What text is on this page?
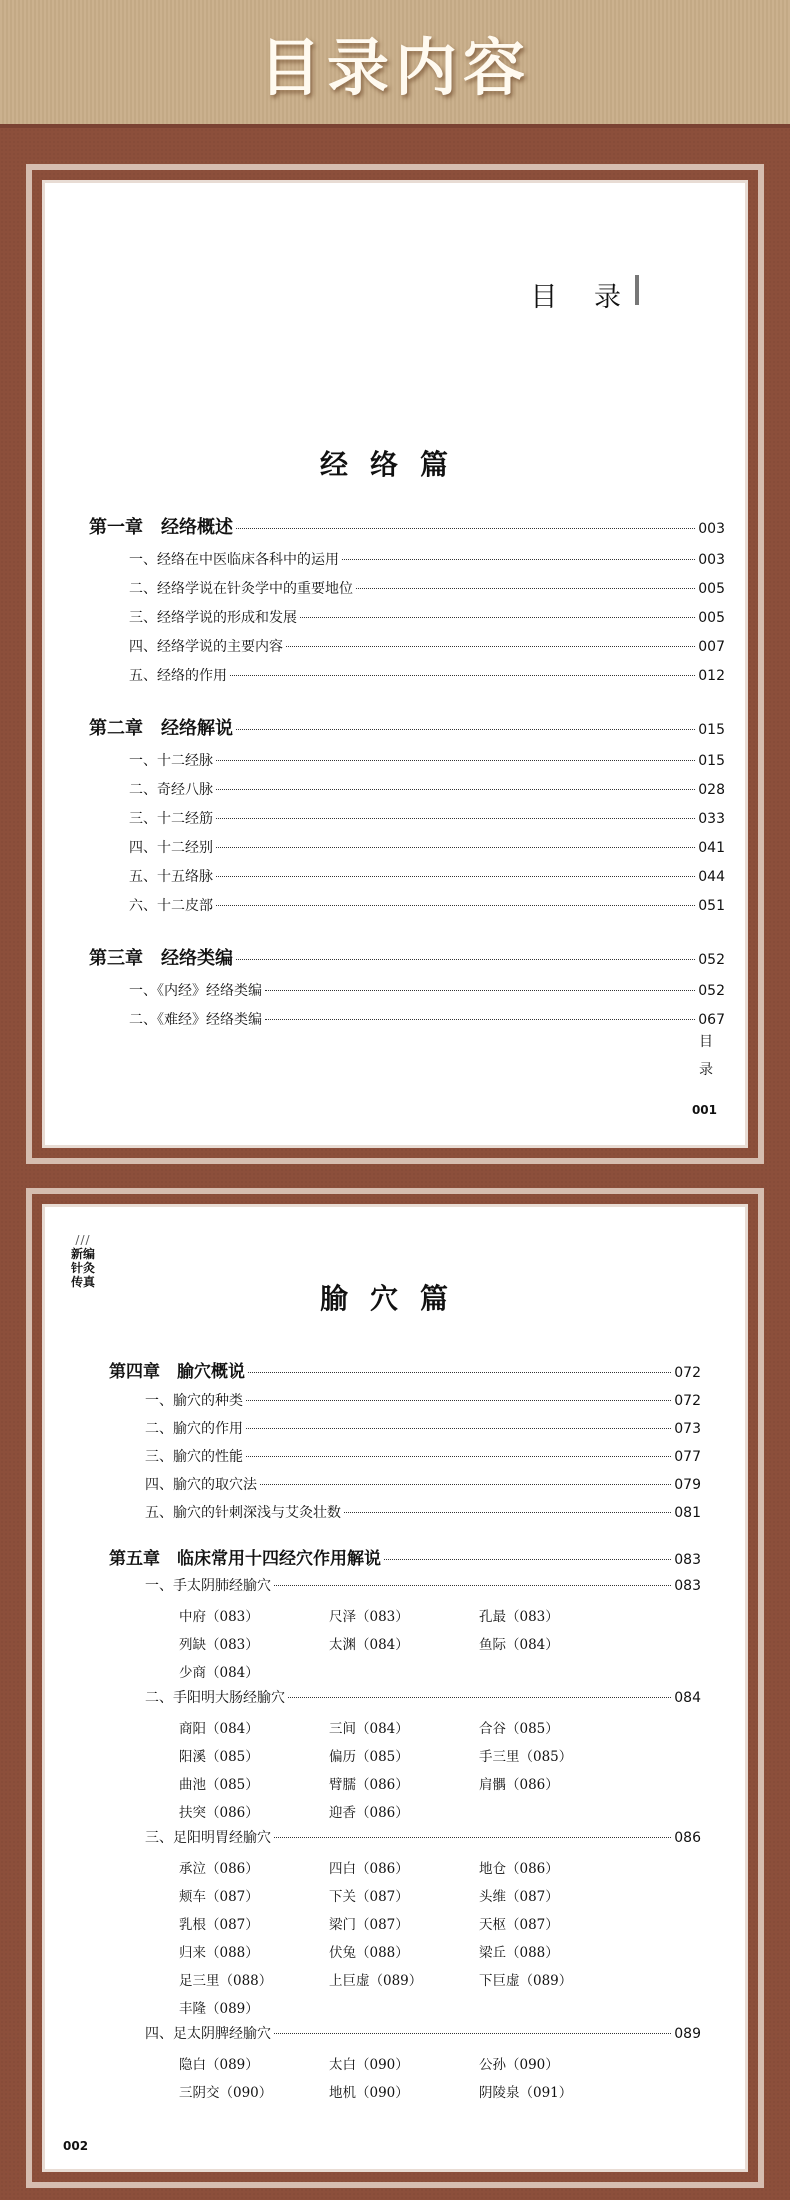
目录内容
目 录
经络篇
第一章　经络概述	003
一、经络在中医临床各科中的运用	003
二、经络学说在针灸学中的重要地位	005
三、经络学说的形成和发展	005
四、经络学说的主要内容	007
五、经络的作用	012
第二章　经络解说	015
一、十二经脉	015
二、奇经八脉	028
三、十二经筋	033
四、十二经别	041
五、十五络脉	044
六、十二皮部	051
第三章　经络类编	052
一、《内经》经络类编	052
二、《难经》经络类编	067
目录
001
///
新编针灸传真	腧穴篇
第四章　腧穴概说	072
一、腧穴的种类	072
二、腧穴的作用	073
三、腧穴的性能	077
四、腧穴的取穴法	079
五、腧穴的针刺深浅与艾灸壮数	081
第五章　临床常用十四经穴作用解说	083
一、手太阴肺经腧穴	083
中府（083）	尺泽（083）	孔最（083）
列缺（083）	太渊（084）	鱼际（084）
少商（084）
二、手阳明大肠经腧穴	084
商阳（084）	三间（084）	合谷（085）
阳溪（085）	偏历（085）	手三里（085）
曲池（085）	臂臑（086）	肩髃（086）
扶突（086）	迎香（086）
三、足阳明胃经腧穴	086
承泣（086）	四白（086）	地仓（086）
颊车（087）	下关（087）	头维（087）
乳根（087）	梁门（087）	天枢（087）
归来（088）	伏兔（088）	梁丘（088）
足三里（088）	上巨虚（089）	下巨虚（089）
丰隆（089）
四、足太阴脾经腧穴	089
隐白（089）	太白（090）	公孙（090）
三阴交（090）	地机（090）	阴陵泉（091）
002
